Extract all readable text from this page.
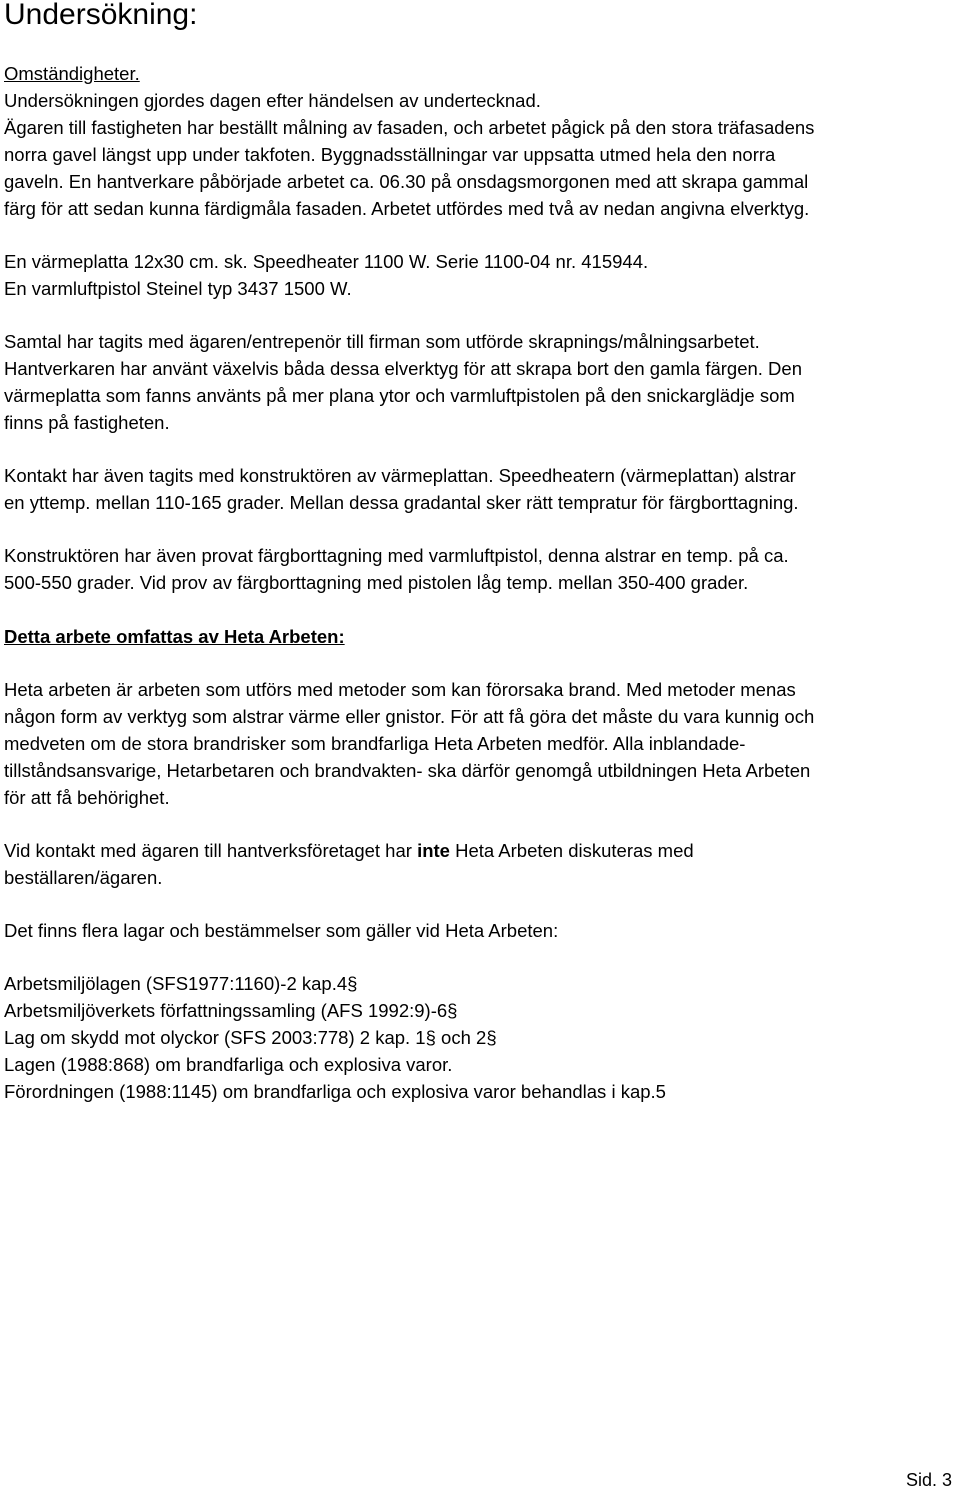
Undersökning:
Omständigheter.
Undersökningen gjordes dagen efter händelsen av undertecknad.
Ägaren till fastigheten har beställt målning av fasaden, och arbetet pågick på den stora träfasadens
norra gavel längst upp under takfoten. Byggnadsställningar var uppsatta utmed hela den norra
gaveln. En hantverkare påbörjade arbetet ca. 06.30 på onsdagsmorgonen med att skrapa gammal
färg för att sedan kunna färdigmåla fasaden. Arbetet utfördes med två av nedan angivna elverktyg.
En värmeplatta 12x30 cm. sk. Speedheater 1100 W. Serie 1100-04 nr. 415944.
En varmluftpistol Steinel typ 3437 1500 W.
Samtal har tagits med ägaren/entrepenör till firman som utförde skrapnings/målningsarbetet.
Hantverkaren har använt växelvis båda dessa elverktyg för att skrapa bort den gamla färgen. Den
värmeplatta som fanns använts på mer plana ytor och varmluftpistolen på den snickarglädje som
finns på fastigheten.
Kontakt har även tagits med konstruktören av värmeplattan. Speedheatern (värmeplattan) alstrar
en yttemp. mellan 110-165 grader. Mellan dessa gradantal sker rätt tempratur för färgborttagning.
Konstruktören har även provat färgborttagning med varmluftpistol, denna alstrar en temp. på ca.
500-550 grader. Vid prov av färgborttagning med pistolen låg temp. mellan 350-400 grader.
Detta arbete omfattas av Heta Arbeten:
Heta arbeten är arbeten som utförs med metoder som kan förorsaka brand. Med metoder menas
någon form av verktyg som alstrar värme eller gnistor. För att få göra det måste du vara kunnig och
medveten om de stora brandrisker som brandfarliga Heta Arbeten medför. Alla inblandade-
tillståndsansvarige, Hetarbetaren och brandvakten- ska därför genomgå utbildningen Heta Arbeten
för att få behörighet.
Vid kontakt med ägaren till hantverksföretaget har inte Heta Arbeten diskuteras med
beställaren/ägaren.
Det finns flera lagar och bestämmelser som gäller vid Heta Arbeten:
Arbetsmiljölagen (SFS1977:1160)-2 kap.4§
Arbetsmiljöverkets författningssamling (AFS 1992:9)-6§
Lag om skydd mot olyckor (SFS 2003:778) 2 kap. 1§ och 2§
Lagen (1988:868) om brandfarliga och explosiva varor.
Förordningen (1988:1145) om brandfarliga och explosiva varor behandlas i kap.5
Sid. 3
